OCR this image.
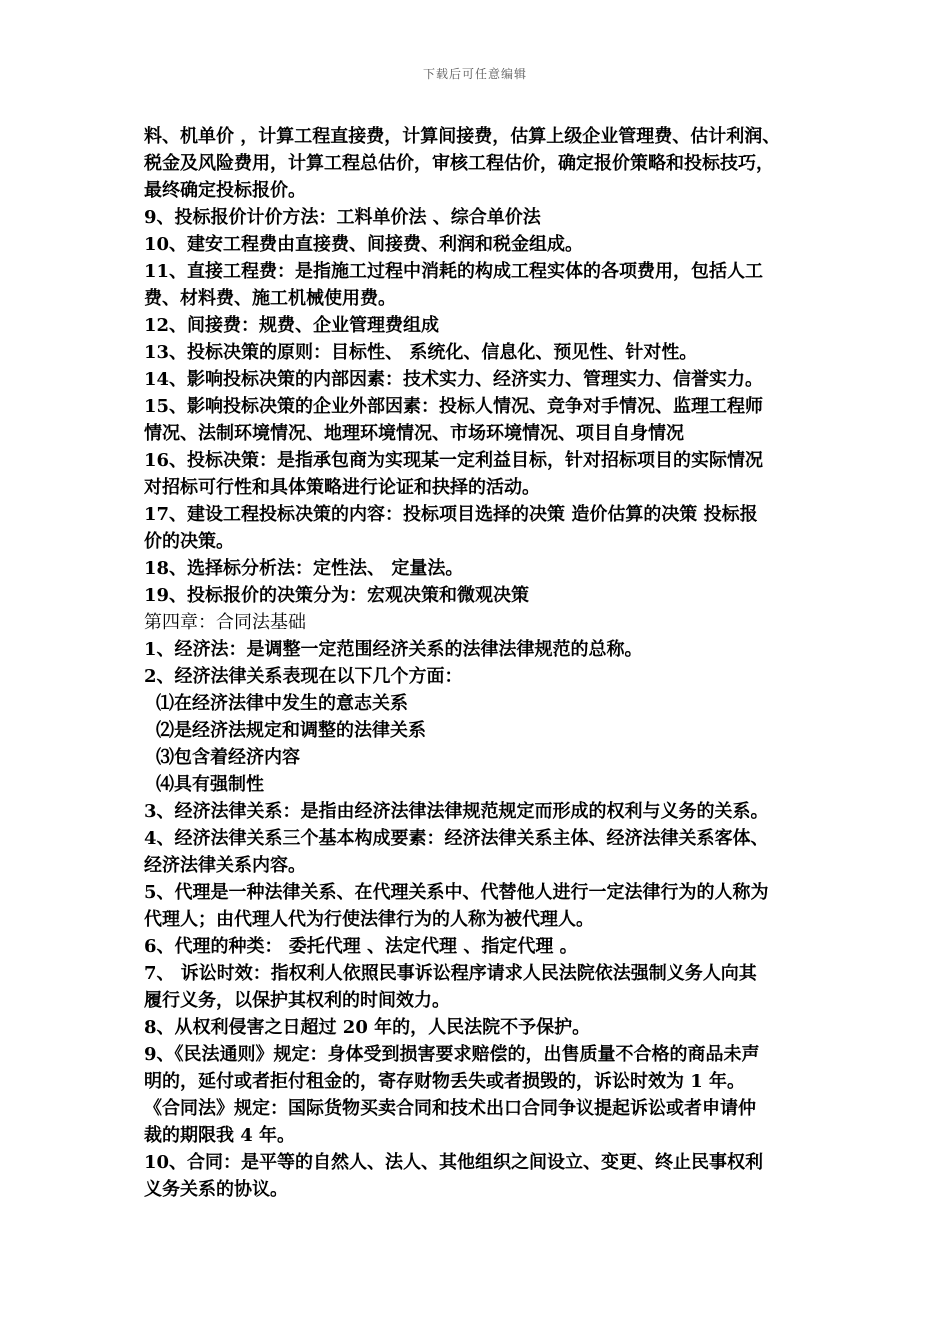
下载后可任意编辑
料、机单价 ，计算工程直接费，计算间接费，估算上级企业管理费、估计利润、
税金及风险费用，计算工程总估价，审核工程估价，确定报价策略和投标技巧，
最终确定投标报价。
9、投标报价计价方法：工料单价法 、综合单价法
10、建安工程费由直接费、间接费、利润和税金组成。
11、直接工程费：是指施工过程中消耗的构成工程实体的各项费用，包括人工
费、材料费、施工机械使用费。
12、间接费：规费、企业管理费组成
13、投标决策的原则：目标性、 系统化、信息化、预见性、针对性。
14、影响投标决策的内部因素：技术实力、经济实力、管理实力、信誉实力。
15、影响投标决策的企业外部因素：投标人情况、竞争对手情况、监理工程师
情况、法制环境情况、地理环境情况、市场环境情况、项目自身情况
16、投标决策：是指承包商为实现某一定利益目标，针对招标项目的实际情况
对招标可行性和具体策略进行论证和抉择的活动。
17、建设工程投标决策的内容：投标项目选择的决策 造价估算的决策 投标报
价的决策。
18、选择标分析法：定性法、 定量法。
19、投标报价的决策分为：宏观决策和微观决策
第四章：合同法基础
1、经济法：是调整一定范围经济关系的法律法律规范的总称。
2、经济法律关系表现在以下几个方面：
⑴在经济法律中发生的意志关系
⑵是经济法规定和调整的法律关系
⑶包含着经济内容
⑷具有强制性
3、经济法律关系：是指由经济法律法律规范规定而形成的权利与义务的关系。
4、经济法律关系三个基本构成要素：经济法律关系主体、经济法律关系客体、
经济法律关系内容。
5、代理是一种法律关系、在代理关系中、代替他人进行一定法律行为的人称为
代理人；由代理人代为行使法律行为的人称为被代理人。
6、代理的种类： 委托代理 、法定代理 、指定代理 。
7、 诉讼时效：指权利人依照民事诉讼程序请求人民法院依法强制义务人向其
履行义务，以保护其权利的时间效力。
8、从权利侵害之日超过 20 年的，人民法院不予保护。
9、《民法通则》规定：身体受到损害要求赔偿的，出售质量不合格的商品未声
明的，延付或者拒付租金的，寄存财物丢失或者损毁的，诉讼时效为 1 年。
《合同法》规定：国际货物买卖合同和技术出口合同争议提起诉讼或者申请仲
裁的期限我 4 年。
10、合同：是平等的自然人、法人、其他组织之间设立、变更、终止民事权利
义务关系的协议。
